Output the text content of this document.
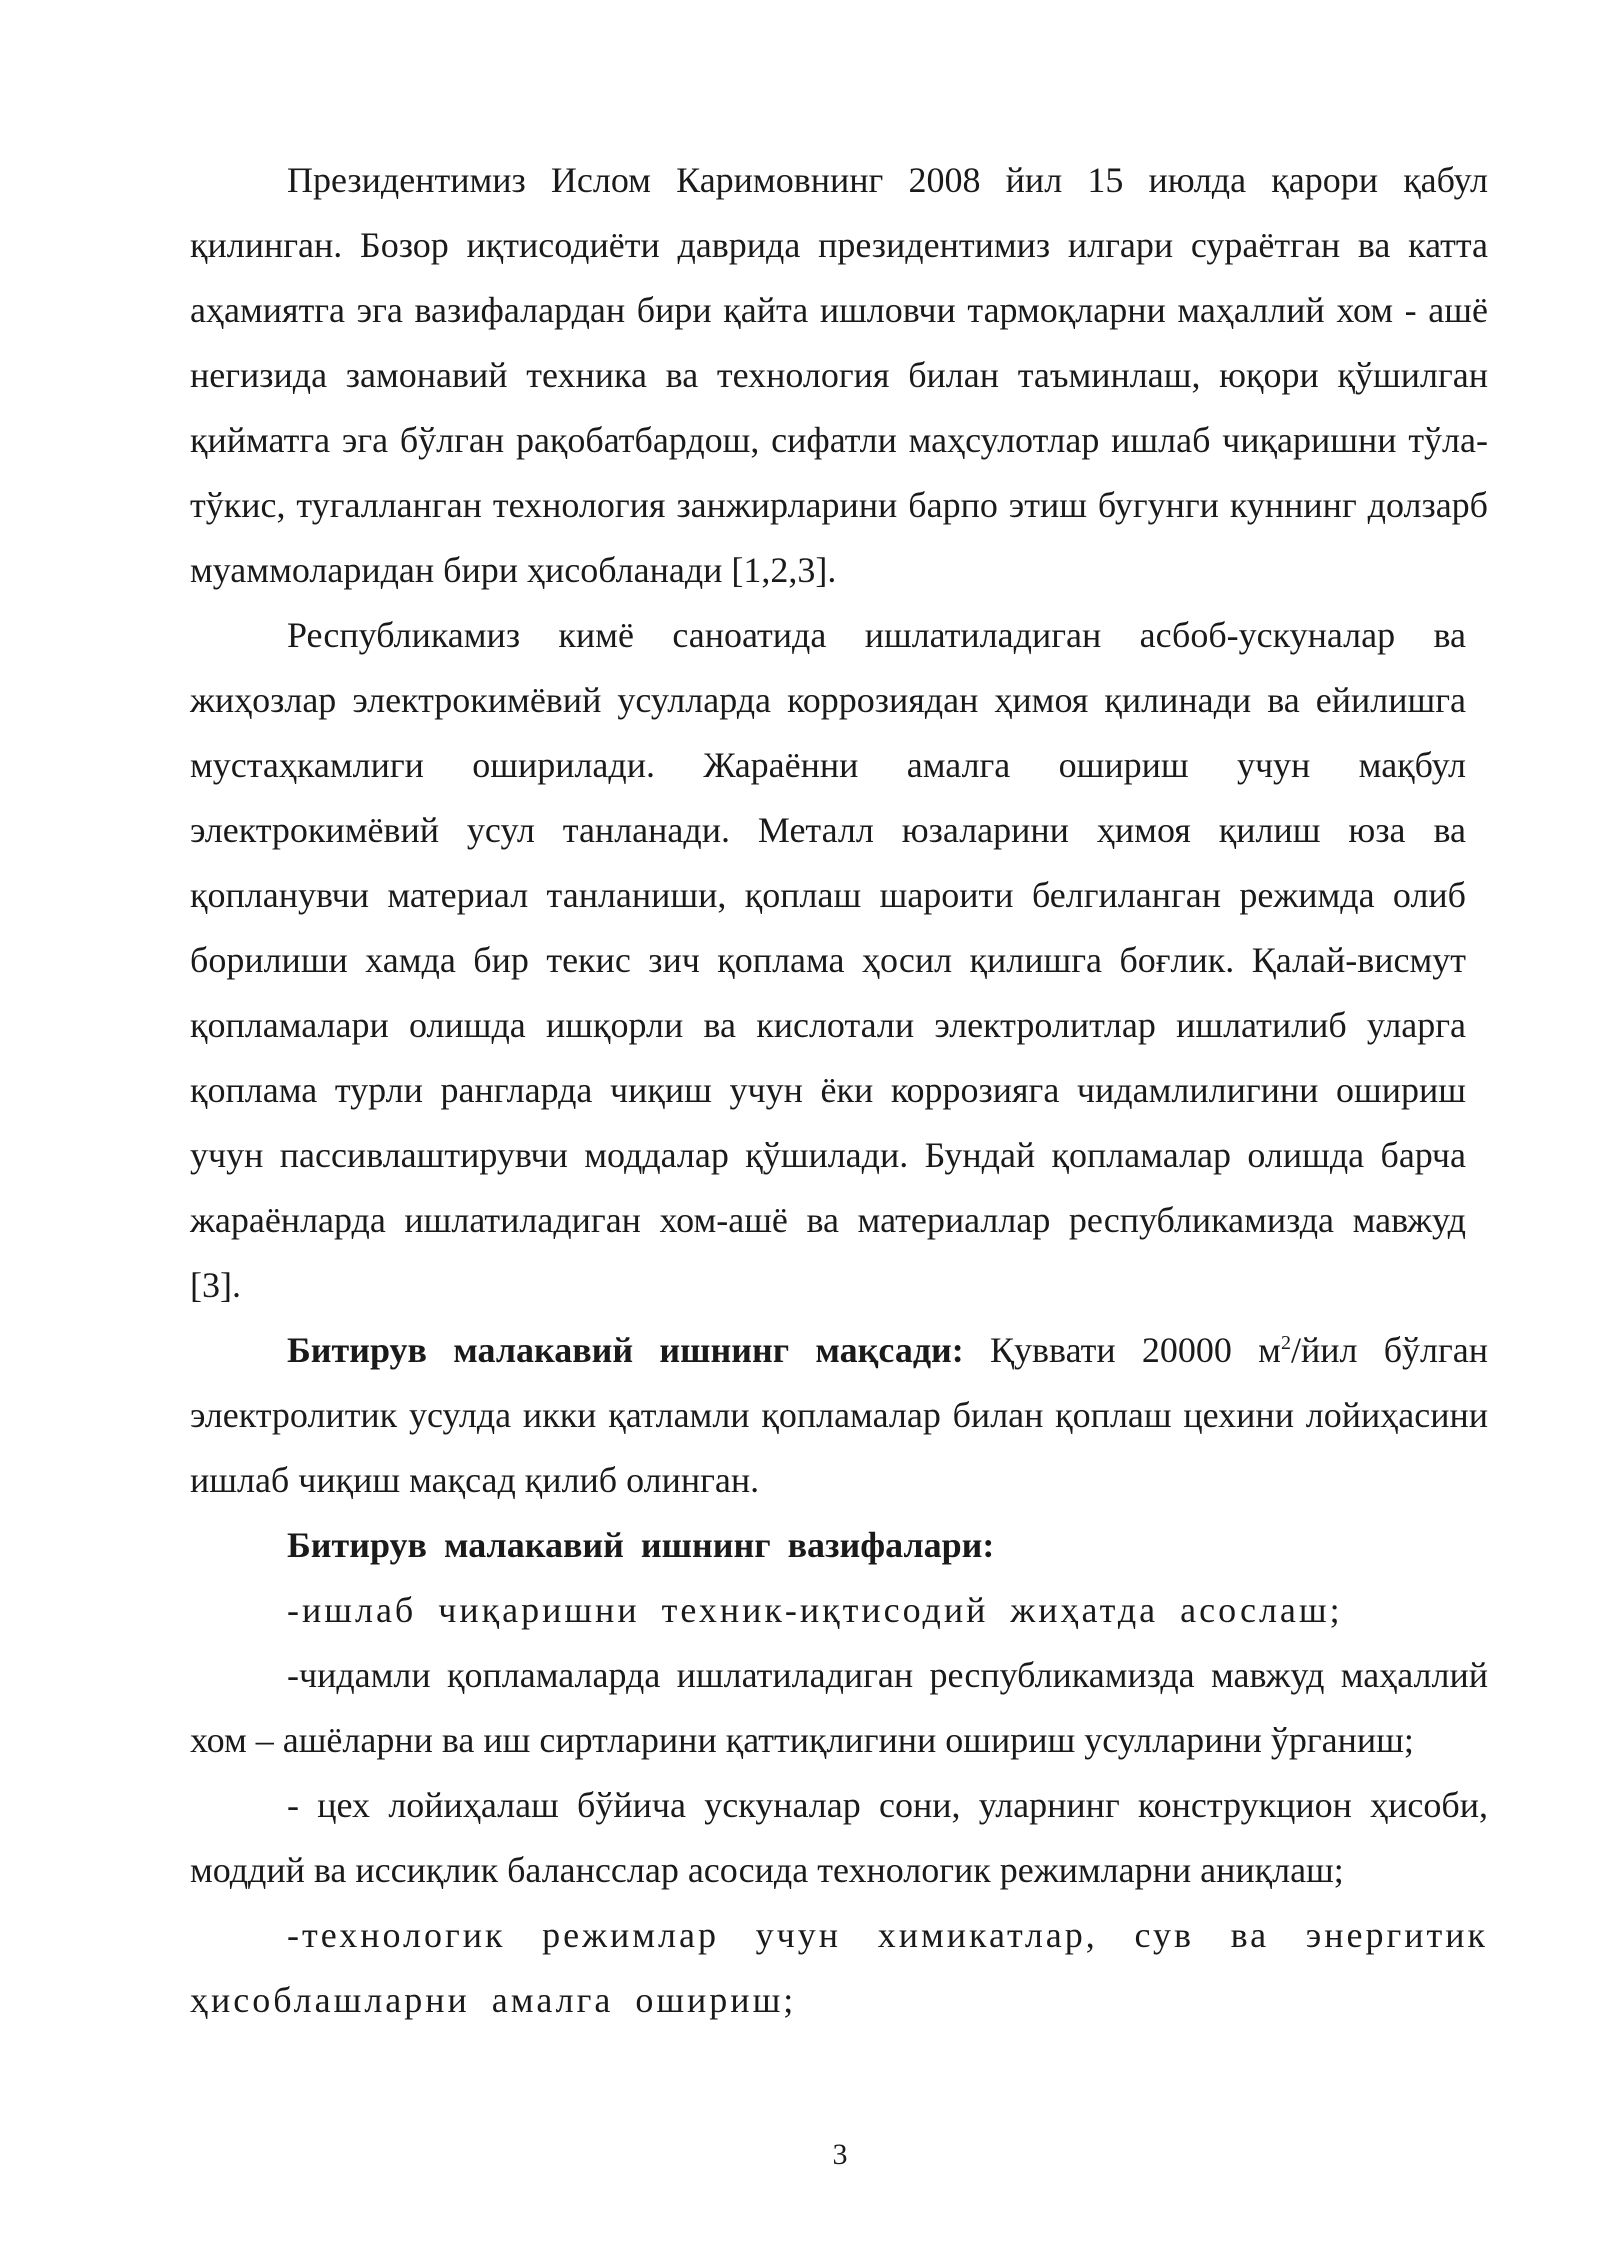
Президентимиз Ислом Каримовнинг 2008 йил 15 июлда қарори қабул қилинган. Бозор иқтисодиёти даврида президентимиз илгари сураётган ва катта аҳамиятга эга вазифалардан бири қайта ишловчи тармоқларни маҳаллий хом - ашё негизида замонавий техника ва технология билан таъминлаш, юқори қўшилган қийматга эга бўлган рақобатбардош, сифатли маҳсулотлар ишлаб чиқаришни тўла-тўкис, тугалланган технология занжирларини барпо этиш бугунги куннинг долзарб муаммоларидан бири ҳисобланади [1,2,3].

Республикамиз кимё саноатида ишлатиладиган асбоб-ускуналар ва жиҳозлар электрокимёвий усулларда коррозиядан ҳимоя қилинади ва ейилишга мустаҳкамлиги оширилади. Жараённи амалга ошириш учун мақбул электрокимёвий усул танланади. Металл юзаларини ҳимоя қилиш юза ва қопланувчи материал танланиши, қоплаш шароити белгиланган режимда олиб борилиши хамда бир текис зич қоплама ҳосил қилишга боғлик. Қалай-висмут қопламалари олишда ишқорли ва кислотали электролитлар ишлатилиб уларга қоплама турли рангларда чиқиш учун ёки коррозияга чидамлилигини ошириш учун пассивлаштирувчи моддалар қўшилади. Бундай қопламалар олишда барча жараёнларда ишлатиладиган хом-ашё ва материаллар республикамизда мавжуд [3].

Битирув малакавий ишнинг мақсади: Қуввати 20000 $м^2$/йил бўлган электролитик усулда икки қатламли қопламалар билан қоплаш цехини лойиҳасини ишлаб чиқиш мақсад қилиб олинган.

Битирув малакавий ишнинг вазифалари:

-ишлаб чиқаришни техник-иқтисодий жиҳатда асослаш;

-чидамли қопламаларда ишлатиладиган республикамизда мавжуд маҳаллий хом – ашёларни ва иш сиртларини қаттиқлигини ошириш усулларини ўрганиш;

- цех лойиҳалаш бўйича ускуналар сони, уларнинг конструкцион ҳисоби, моддий ва иссиқлик балансслар асосида технологик режимларни аниқлаш;

-технологик режимлар учун химикатлар, сув ва энергитик ҳисоблашларни амалга ошириш;

3
